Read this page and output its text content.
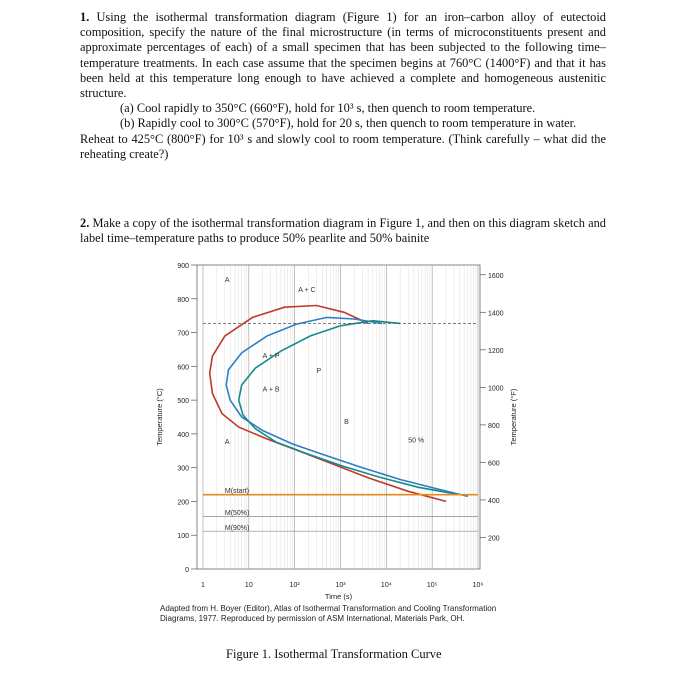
1. Using the isothermal transformation diagram (Figure 1) for an iron–carbon alloy of eutectoid composition, specify the nature of the final microstructure (in terms of microconstituents present and approximate percentages of each) of a small specimen that has been subjected to the following time–temperature treatments. In each case assume that the specimen begins at 760°C (1400°F) and that it has been held at this temperature long enough to have achieved a complete and homogeneous austenitic structure.

(a) Cool rapidly to 350°C (660°F), hold for 10³ s, then quench to room temperature.

(b) Rapidly cool to 300°C (570°F), hold for 20 s, then quench to room temperature in water.

Reheat to 425°C (800°F) for 10³ s and slowly cool to room temperature. (Think carefully – what did the reheating create?)

2. Make a copy of the isothermal transformation diagram in Figure 1, and then on this diagram sketch and label time–temperature paths to produce 50% pearlite and 50% bainite

0
100
200
300
400
500
600
700
800
900
200
400
600
800
1000
1200
1400
1600
1	10	10²	10³	10⁴	10⁵	10⁶
Time (s)
Temperature (°C)	Temperature (°F)
A
A + C
A + P
P
A + B
B
A	50 %
M(start)
M(50%)
M(90%)
Adapted from H. Boyer (Editor), Atlas of Isothermal Transformation and Cooling Transformation Diagrams, 1977. Reproduced by permission of ASM International, Materials Park, OH.
Figure 1. Isothermal Transformation Curve
